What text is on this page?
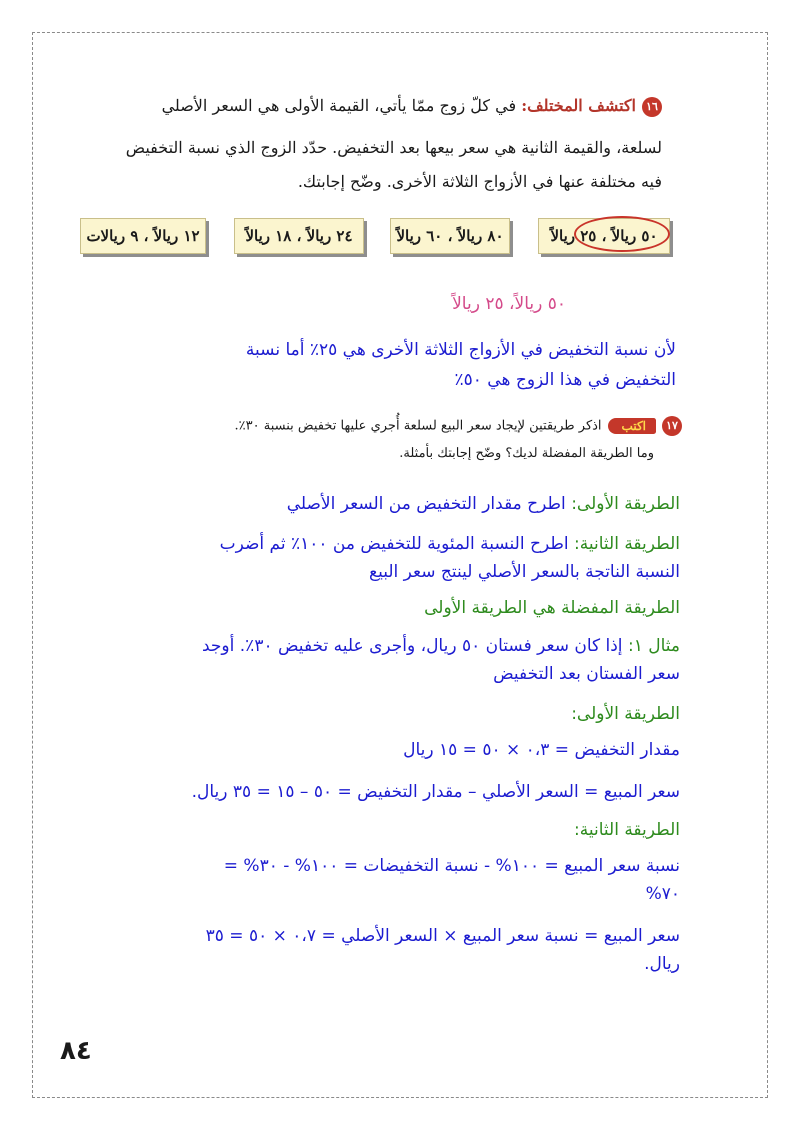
١٦اكتشف المختلف: في كلّ زوج ممّا يأتي، القيمة الأولى هي السعر الأصلي
لسلعة، والقيمة الثانية هي سعر بيعها بعد التخفيض. حدّد الزوج الذي نسبة التخفيض
فيه مختلفة عنها في الأزواج الثلاثة الأخرى. وضّح إجابتك.
٥٠ ريالاً ، ٢٥ ريالاً
٨٠ ريالاً ، ٦٠ ريالاً
٢٤ ريالاً ، ١٨ ريالاً
١٢ ريالاً ، ٩ ريالات
٥٠ ريالاً، ٢٥ ريالاً
لأن نسبة التخفيض في الأزواج الثلاثة الأخرى هي ٢٥٪ أما نسبة
التخفيض في هذا الزوج هي ٥٠٪
١٧اكتباذكر طريقتين لإيجاد سعر البيع لسلعة أُجري عليها تخفيض بنسبة ٣٠٪.
وما الطريقة المفضلة لديك؟ وضّح إجابتك بأمثلة.
الطريقة الأولى: اطرح مقدار التخفيض من السعر الأصلي
الطريقة الثانية: اطرح النسبة المئوية للتخفيض من ١٠٠٪ ثم أضرب
النسبة الناتجة بالسعر الأصلي لينتج سعر البيع
الطريقة المفضلة هي الطريقة الأولى
مثال ١: إذا كان سعر فستان ٥٠ ريال، وأجرى عليه تخفيض ٣٠٪. أوجد
سعر الفستان بعد التخفيض
الطريقة الأولى:
مقدار التخفيض = ٠،٣ × ٥٠ = ١٥ ريال
سعر المبيع = السعر الأصلي – مقدار التخفيض = ٥٠ – ١٥ = ٣٥ ريال.
الطريقة الثانية:
نسبة سعر المبيع = ١٠٠% - نسبة التخفيضات = ١٠٠% - ٣٠% =
٧٠%
سعر المبيع = نسبة سعر المبيع × السعر الأصلي = ٠،٧ × ٥٠ = ٣٥
ريال.
٨٤
